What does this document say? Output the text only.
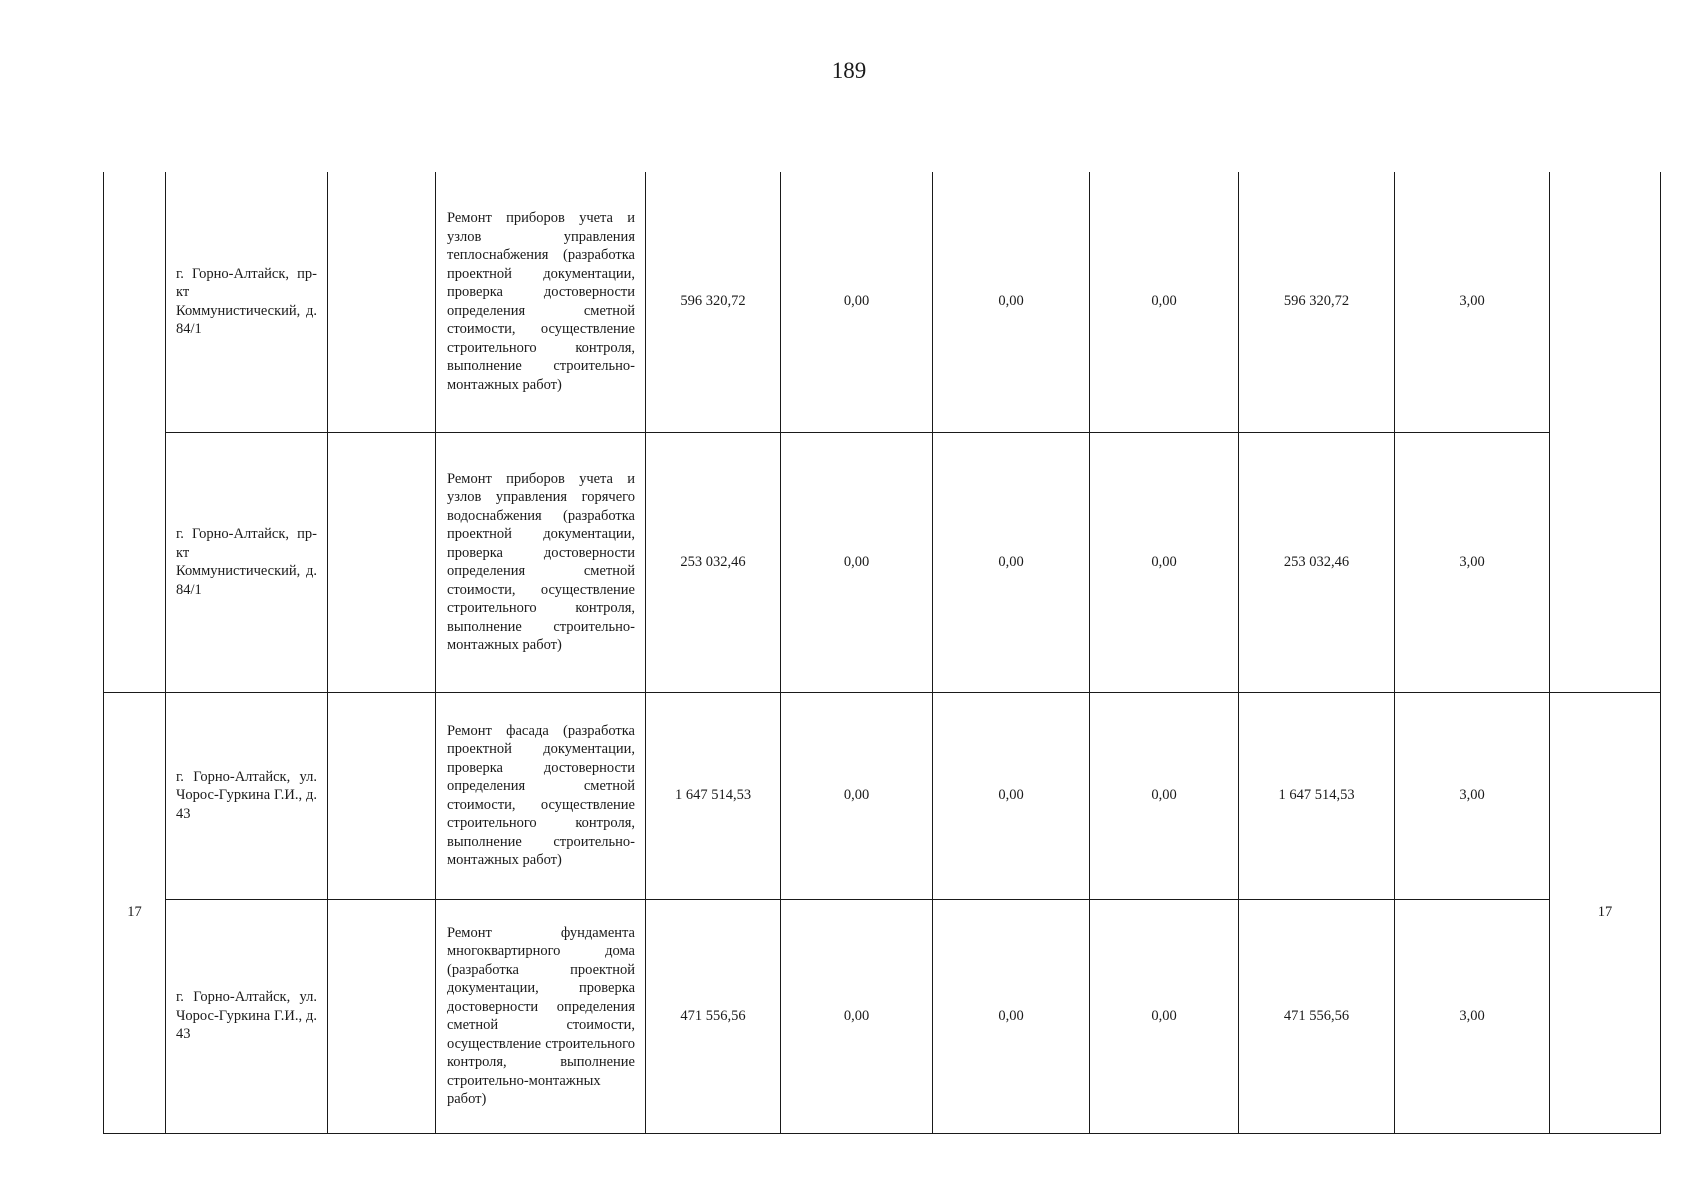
189

	г. Горно-Алтайск, пр-кт Коммунистический, д. 84/1		Ремонт приборов учета и узлов управления теплоснабжения (разработка проектной документации, проверка достоверности определения сметной стоимости, осуществление строительного контроля, выполнение строительно-монтажных работ)	596 320,72	0,00	0,00	0,00	596 320,72	3,00	

	г. Горно-Алтайск, пр-кт Коммунистический, д. 84/1		Ремонт приборов учета и узлов управления горячего водоснабжения (разработка проектной документации, проверка достоверности определения сметной стоимости, осуществление строительного контроля, выполнение строительно-монтажных работ)	253 032,46	0,00	0,00	0,00	253 032,46	3,00	
17	г. Горно-Алтайск, ул. Чорос-Гуркина Г.И., д. 43		Ремонт фасада (разработка проектной документации, проверка достоверности определения сметной стоимости, осуществление строительного контроля, выполнение строительно-монтажных работ)	1 647 514,53	0,00	0,00	0,00	1 647 514,53	3,00	17

	г. Горно-Алтайск, ул. Чорос-Гуркина Г.И., д. 43		Ремонт фундамента многоквартирного дома (разработка проектной документации, проверка достоверности определения сметной стоимости, осуществление строительного контроля, выполнение строительно-монтажных работ)	471 556,56	0,00	0,00	0,00	471 556,56	3,00	
